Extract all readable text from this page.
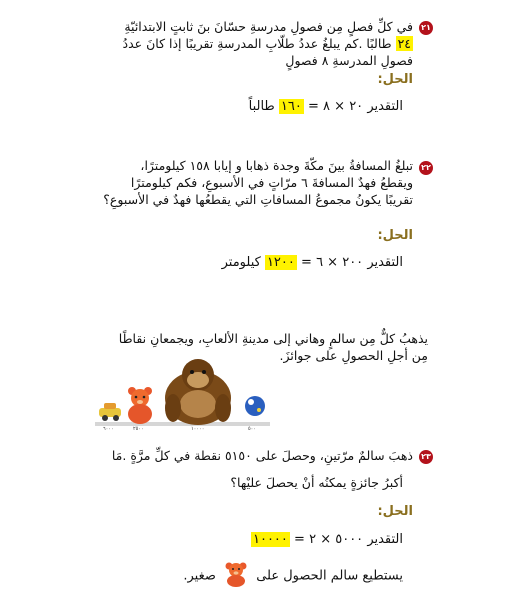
٢١
في كلِّ فصلٍ مِن فصولِ مدرسةِ حسّانَ بنَ ثابتٍ الابتدائيّةِ
٢٤ طالبًا .كم يبلغُ عددُ طلّابِ المدرسةِ تقريبًا إذا كانَ عددُ
فصولِ المدرسةِ ٨ فصولٍ
الحل:
التقدير ٢٠ × ٨ = ١٦٠ طالباً
٢٢
تبلغُ المسافةُ بينَ مكّةَ وجدة ذهابا و إيابا ١٥٨ كيلومترًا،
ويقطعُ فهدٌ المسافةَ ٦ مرّاتٍ في الأسبوعِ، فكم كيلومترًا
تقريبًا يكونُ مجموعُ المسافاتِ التي يقطعُها فهدٌ في الأسبوعِ؟
الحل:
التقدير ٢٠٠ × ٦ = ١٢٠٠ كيلومتر
يذهبُ كلٌّ مِن سالمٍ وهاني إلى مدينةِ الألعابِ، ويجمعانِ نقاطًا
مِن أجلِ الحصولِ على جوائزَ.
٦٠٠٠	٢٥٠٠	١٠٠٠٠	٥٠٠
٢٣
ذهبَ سالمٌ مرّتينِ، وحصلَ على ٥١٥٠ نقطة في كلِّ مرَّةٍ .مَا
أكبرُ جائزةٍ يمكنُه أنْ يحصلَ عليْها؟
الحل:
التقدير ٥٠٠٠ × ٢ = ١٠٠٠٠
يستطيع سالم الحصول على  صغير.
